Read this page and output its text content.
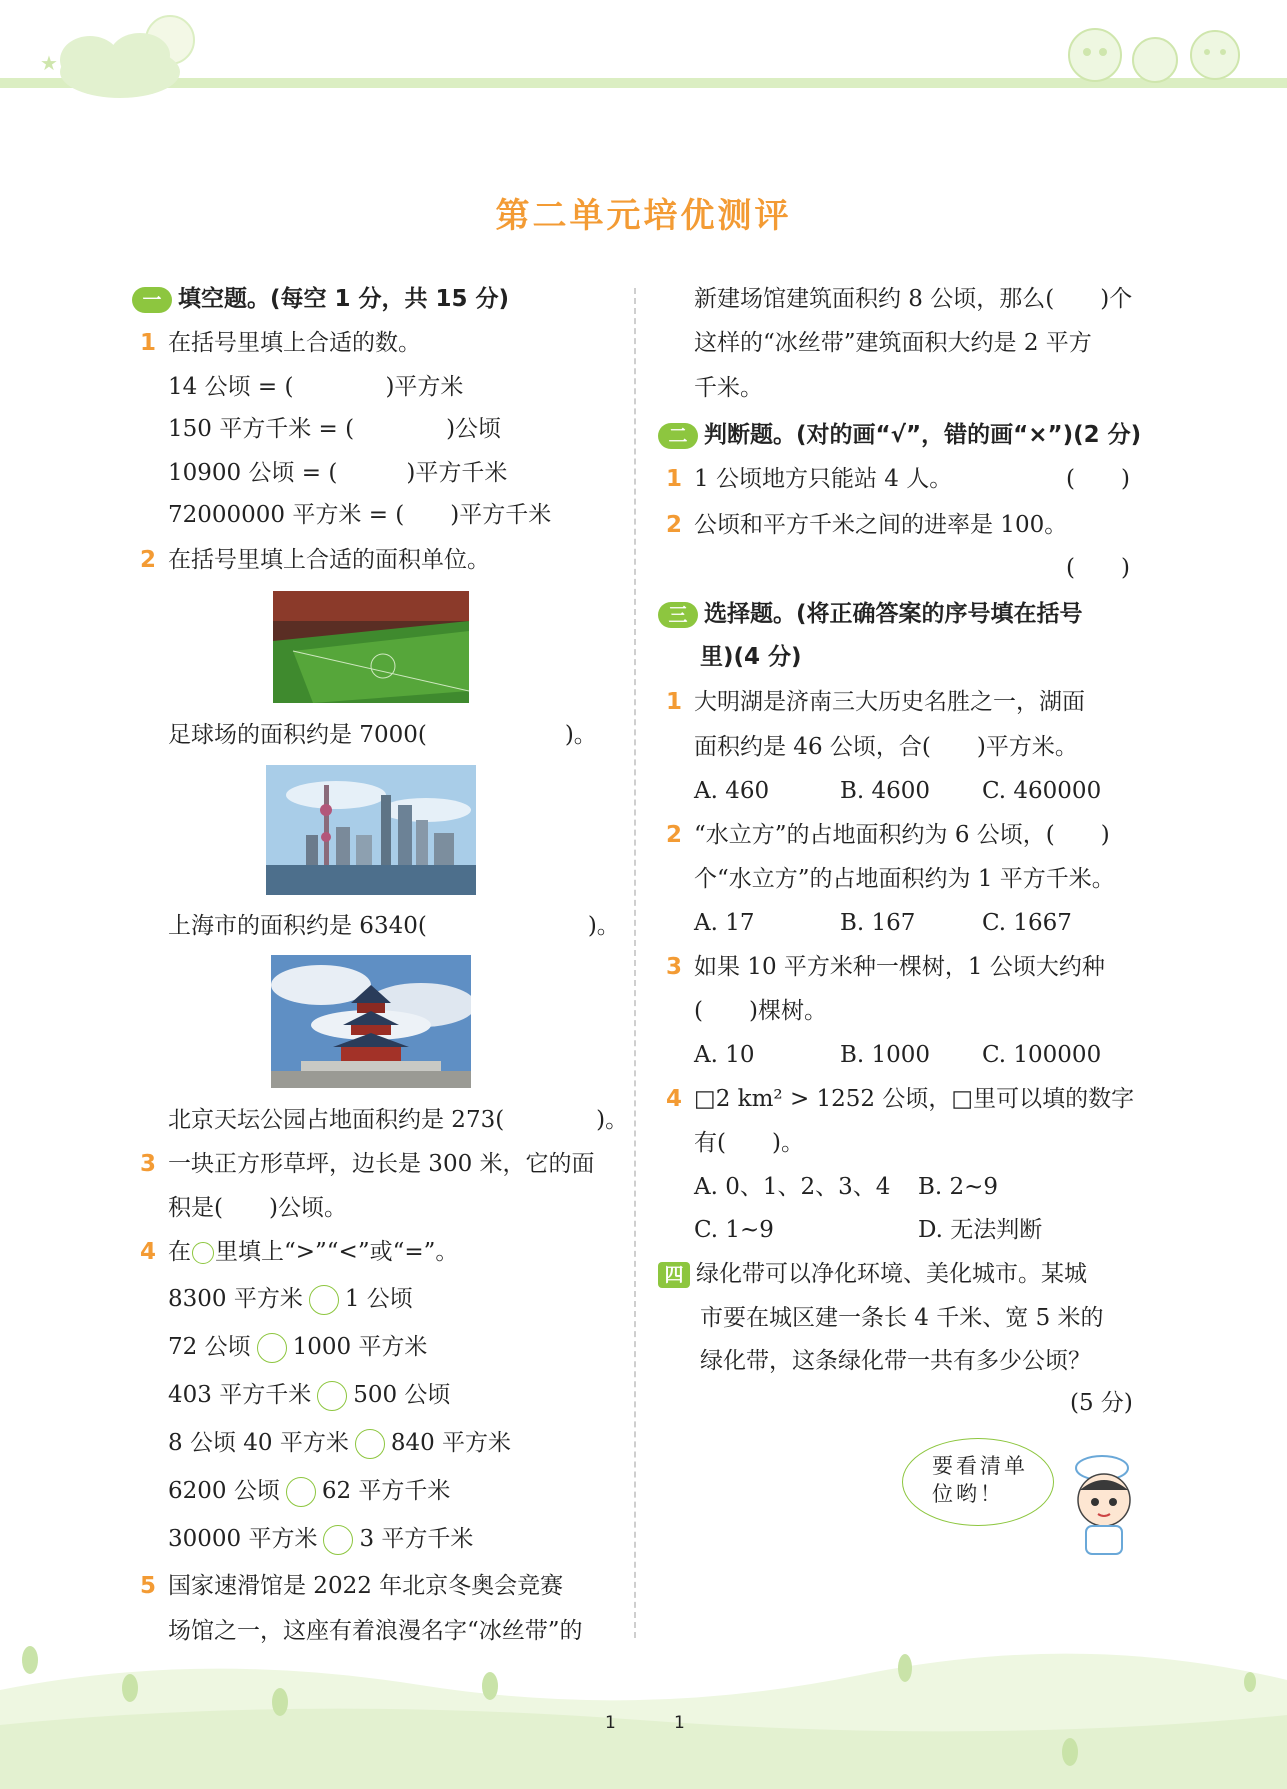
★
第二单元培优测评
一 填空题。(每空 1 分，共 15 分)
1 在括号里填上合适的数。
14 公顷 = (　　　　)平方米
150 平方千米 = (　　　　)公顷
10900 公顷 = (　　　)平方千米
72000000 平方米 = (　　)平方千米
2 在括号里填上合适的面积单位。
足球场的面积约是 7000(　　　　　　)。
上海市的面积约是 6340(　　　　　　　)。
北京天坛公园占地面积约是 273(　　　　)。
3 一块正方形草坪，边长是 300 米，它的面
积是(　　)公顷。
4 在 里填上“>”“<”或“=”。
8300 平方米 1 公顷
72 公顷 1000 平方米
403 平方千米 500 公顷
8 公顷 40 平方米 840 平方米
6200 公顷 62 平方千米
30000 平方米 3 平方千米
5 国家速滑馆是 2022 年北京冬奥会竞赛
场馆之一，这座有着浪漫名字“冰丝带”的
新建场馆建筑面积约 8 公顷，那么(　　)个
这样的“冰丝带”建筑面积大约是 2 平方
千米。
二 判断题。(对的画“√”，错的画“×”)(2 分)
1 1 公顷地方只能站 4 人。	(　　)
2 公顷和平方千米之间的进率是 100。
(　　)
三 选择题。(将正确答案的序号填在括号
里)(4 分)
1 大明湖是济南三大历史名胜之一，湖面
面积约是 46 公顷，合(　　)平方米。
A. 460	B. 4600 C. 460000
2 “水立方”的占地面积约为 6 公顷，(　　)
个“水立方”的占地面积约为 1 平方千米。
A. 17	B. 167	C. 1667
3 如果 10 平方米种一棵树，1 公顷大约种
(　　)棵树。
A. 10	B. 1000 C. 100000
4 □2 km² > 1252 公顷，□里可以填的数字
有(　　)。
A. 0、1、2、3、4 B. 2~9
C. 1~9	D. 无法判断
四 绿化带可以净化环境、美化城市。某城
市要在城区建一条长 4 千米、宽 5 米的
绿化带，这条绿化带一共有多少公顷？
(5 分)
要看清单
位哟！
1	1
